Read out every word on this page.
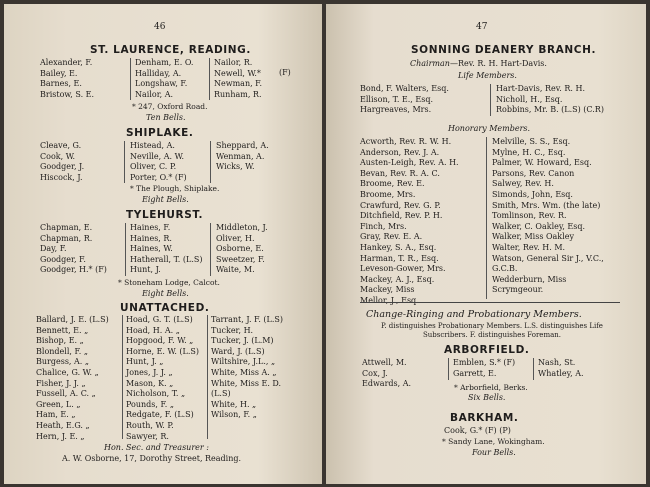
46
ST. LAURENCE, READING.
Alexander, F.
Bailey, E.
Barnes, E.
Bristow, S. E.
Denham, E. O.
Halliday, A.
Longshaw, F.
Nailor, A.
Nailor, R.
Newell, W.*
Newman, F.
Runham, R.
(F)
* 247, Oxford Road.
Ten Bells.
SHIPLAKE.
Cleave, G.
Cook, W.
Goodger, J.
Hiscock, J.
Histead, A.
Neville, A. W.
Oliver, C. P.
Porter, O.* (F)
Sheppard, A.
Wenman, A.
Wicks, W.
* The Plough, Shiplake.
Eight Bells.
TYLEHURST.
Chapman, E.
Chapman, R.
Day, F.
Goodger, F.
Goodger, H.* (F)
Haines, F.
Haines, R.
Haines, W.
Hatherall, T. (L.S)
Hunt, J.
Middleton, J.
Oliver, H.
Osborne, E.
Sweetzer, F.
Waite, M.
* Stoneham Lodge, Calcot.
Eight Bells.
UNATTACHED.
Ballard, J. E. (L.S)
Bennett, E. „
Bishop, E. „
Blondell, F. „
Burgess, A. „
Chalice, G. W. „
Fisher, J. J. „
Fussell, A. C. „
Green, L. „
Ham, E. „
Heath, E.G. „
Hern, J. E. „
Hoad, G. T. (L.S)
Hoad, H. A. „
Hopgood, F. W. „
Horne, E. W. (L.S)
Hunt, J. „
Jones, J. J. „
Mason, K. „
Nicholson, T. „
Pounds, F. „
Redgate, F. (L.S)
Routh, W. P.
Sawyer, R.
Tarrant, J. F. (L.S)
Tucker, H.
Tucker, J. (L.M)
Ward, J. (L.S)
Wiltshire, J.L., „
White, Miss A. „
White, Miss E. D.
(L.S)
White, H. „
Wilson, F. „
Hon. Sec. and Treasurer :
A. W. Osborne, 17, Dorothy Street, Reading.
47
SONNING DEANERY BRANCH.
Chairman—Rev. R. H. Hart-Davis.
Life Members.
Bond, F. Walters, Esq.
Ellison, T. E., Esq.
Hargreaves, Mrs.
Hart-Davis, Rev. R. H.
Nicholl, H., Esq.
Robbins, Mr. B. (L.S) (C.R)
Honorary Members.
Acworth, Rev. R. W. H.
Anderson, Rev. J. A.
Austen-Leigh, Rev. A. H.
Bevan, Rev. R. A. C.
Broome, Rev. E.
Broome, Mrs.
Crawfurd, Rev. G. P.
Ditchfield, Rev. P. H.
Finch, Mrs.
Gray, Rev. E. A.
Hankey, S. A., Esq.
Harman, T. R., Esq.
Leveson-Gower, Mrs.
Mackey, A. J., Esq.
Mackey, Miss
Mellor, J., Esq.
Melville, S. S., Esq.
Mylne, H. C., Esq.
Palmer, W. Howard, Esq.
Parsons, Rev. Canon
Salwey, Rev. H.
Simonds, John, Esq.
Smith, Mrs. Wm. (the late)
Tomlinson, Rev. R.
Walker, C. Oakley, Esq.
Walker, Miss Oakley
Walter, Rev. H. M.
Watson, General Sir J., V.C.,
G.C.B.
Wedderburn, Miss
Scrymgeour.
Change-Ringing and Probationary Members.
P. distinguishes Probationary Members. L.S. distinguishes Life
Subscribers. F. distinguishes Foreman.
ARBORFIELD.
Attwell, M.
Cox, J.
Edwards, A.
Emblen, S.* (F)
Garrett, E.
Nash, St.
Whatley, A.
* Arborfield, Berks.
Six Bells.
BARKHAM.
Cook, G.* (F) (P)
* Sandy Lane, Wokingham.
Four Bells.
